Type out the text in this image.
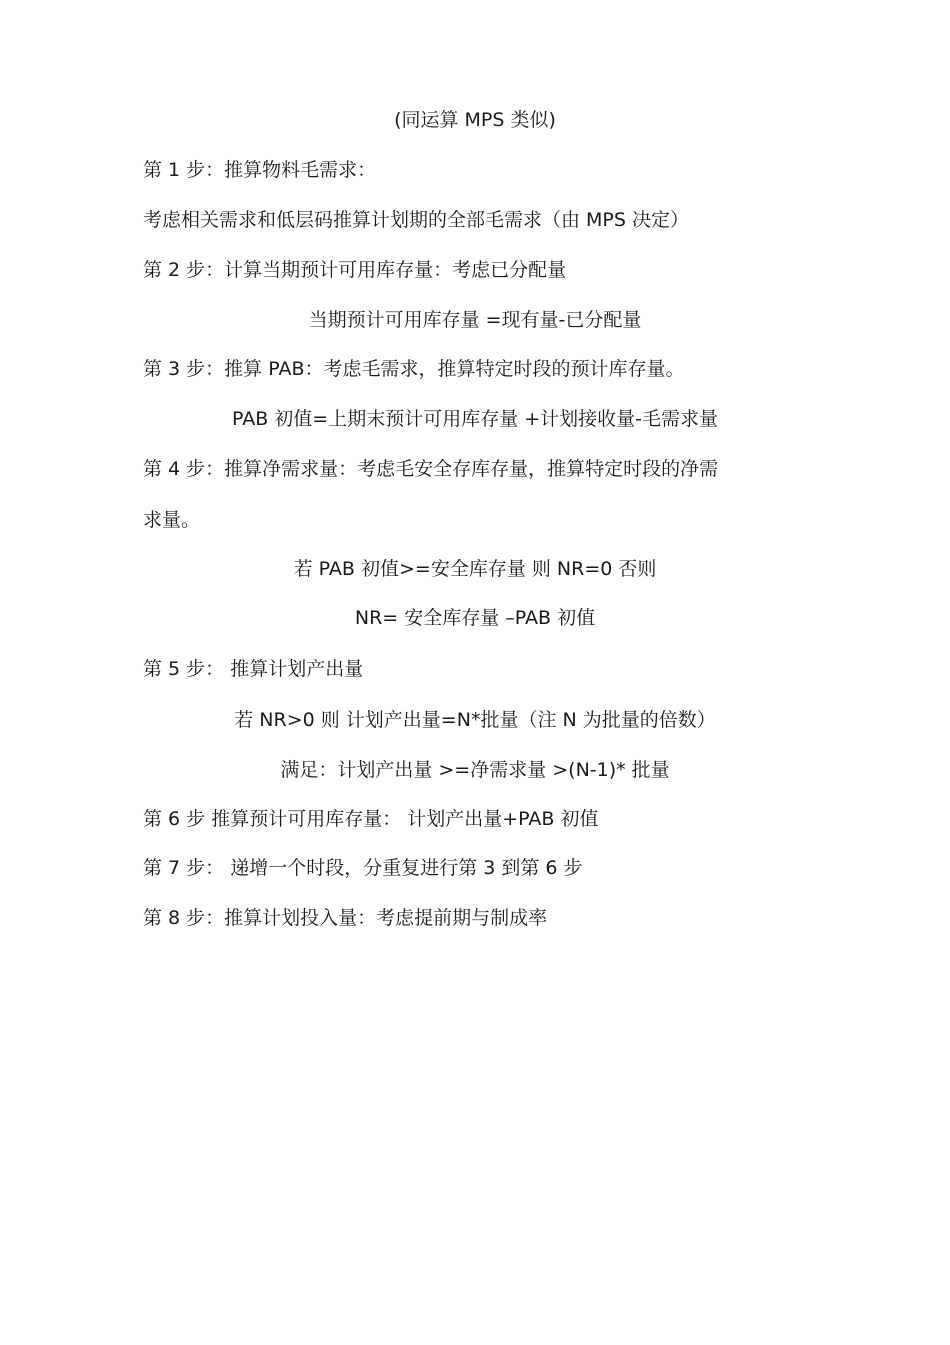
(同运算 MPS 类似)
第 1 步：推算物料毛需求：
考虑相关需求和低层码推算计划期的全部毛需求（由 MPS 决定）
第 2 步：计算当期预计可用库存量：考虑已分配量
当期预计可用库存量 =现有量-已分配量
第 3 步：推算 PAB：考虑毛需求，推算特定时段的预计库存量。
PAB 初值=上期末预计可用库存量 +计划接收量-毛需求量
第 4 步：推算净需求量：考虑毛安全存库存量，推算特定时段的净需
求量。
若 PAB 初值>=安全库存量 则 NR=0 否则
NR= 安全库存量 –PAB 初值
第 5 步： 推算计划产出量
若 NR>0 则 计划产出量=N*批量（注 N 为批量的倍数）
满足：计划产出量 >=净需求量 >(N-1)* 批量
第 6 步 推算预计可用库存量： 计划产出量+PAB 初值
第 7 步： 递增一个时段，分重复进行第 3 到第 6 步
第 8 步：推算计划投入量：考虑提前期与制成率
